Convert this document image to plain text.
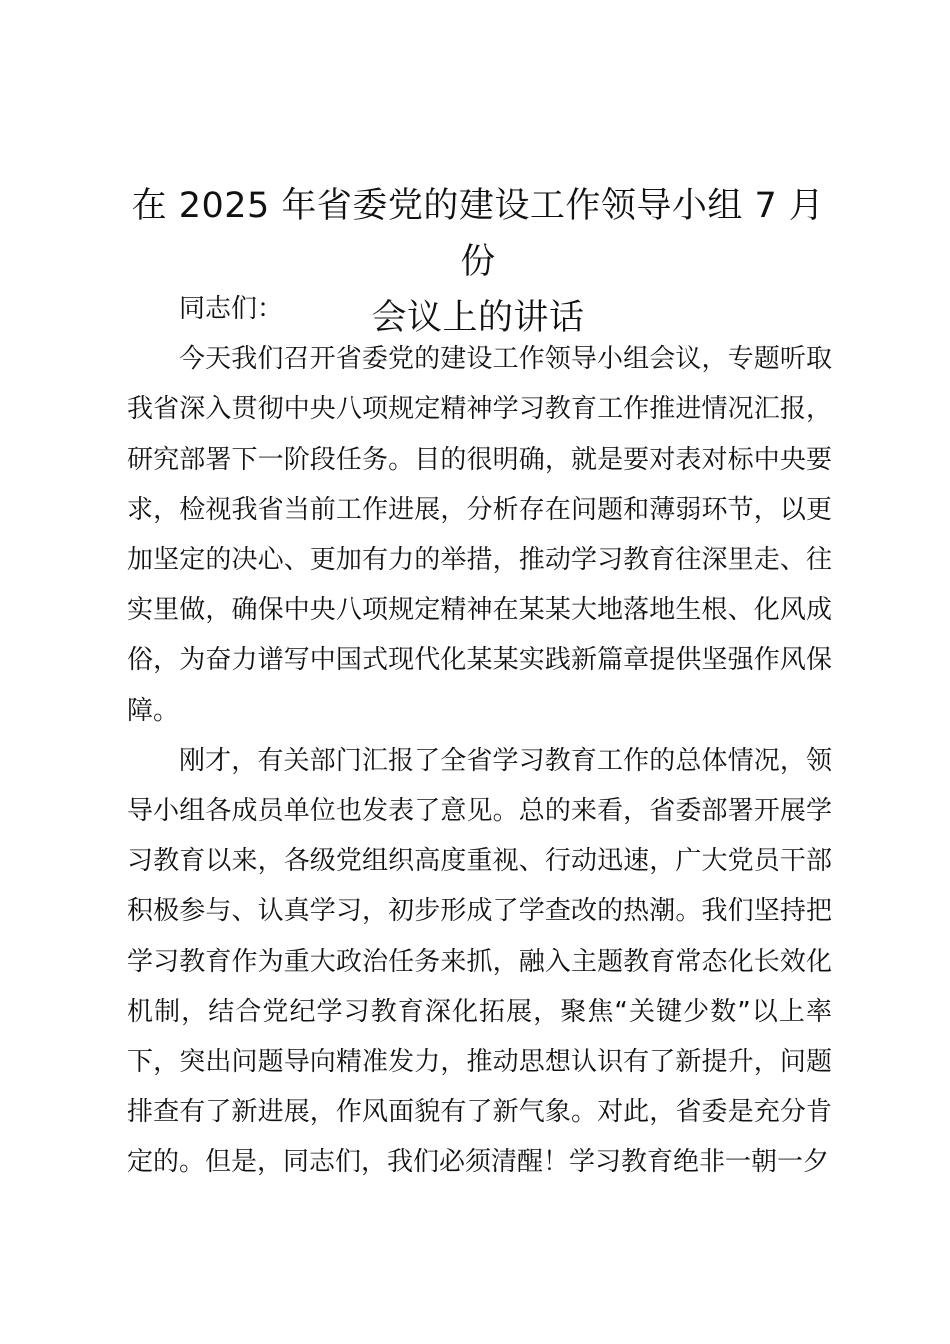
在 2025 年省委党的建设工作领导小组 7 月份
会议上的讲话

同志们：

今天我们召开省委党的建设工作领导小组会议，专题听取我省深入贯彻中央八项规定精神学习教育工作推进情况汇报，研究部署下一阶段任务。目的很明确，就是要对表对标中央要求，检视我省当前工作进展，分析存在问题和薄弱环节，以更加坚定的决心、更加有力的举措，推动学习教育往深里走、往实里做，确保中央八项规定精神在某某大地落地生根、化风成俗，为奋力谱写中国式现代化某某实践新篇章提供坚强作风保障。

刚才，有关部门汇报了全省学习教育工作的总体情况，领导小组各成员单位也发表了意见。总的来看，省委部署开展学习教育以来，各级党组织高度重视、行动迅速，广大党员干部积极参与、认真学习，初步形成了学查改的热潮。我们坚持把学习教育作为重大政治任务来抓，融入主题教育常态化长效化机制，结合党纪学习教育深化拓展，聚焦“关键少数”以上率下，突出问题导向精准发力，推动思想认识有了新提升，问题排查有了新进展，作风面貌有了新气象。对此，省委是充分肯定的。但是，同志们，我们必须清醒！学习教育绝非一朝一夕
